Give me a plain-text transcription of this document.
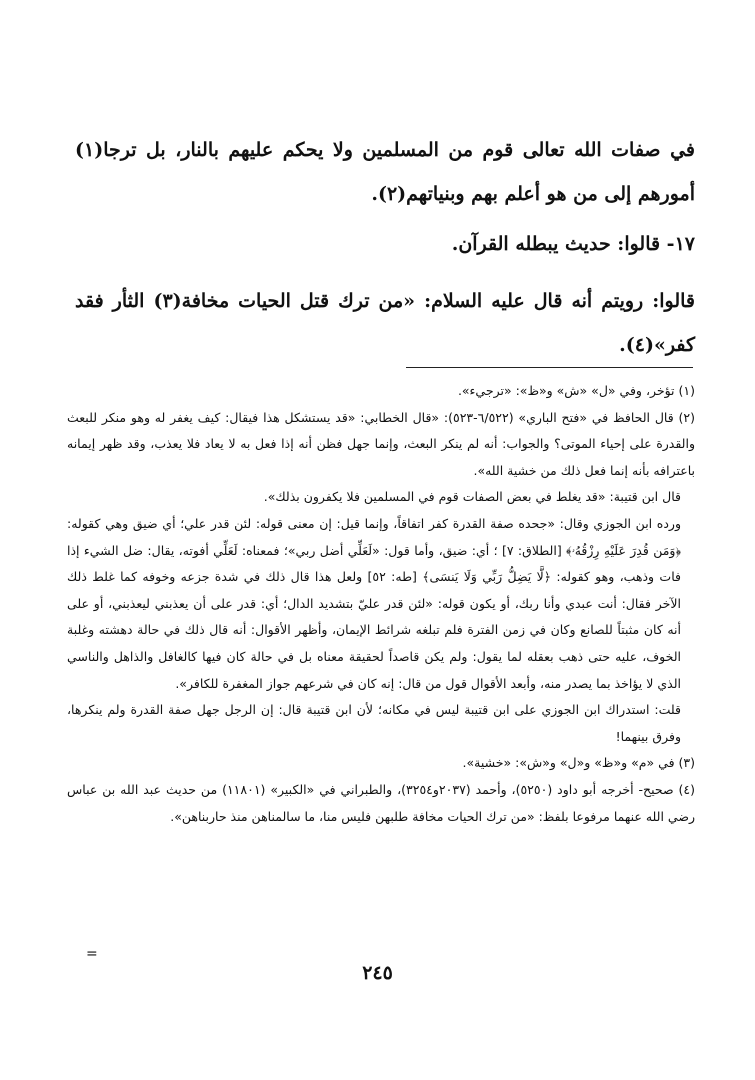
في صفات الله تعالى قوم من المسلمين ولا يحكم عليهم بالنار، بل ترجا(١) أمورهم إلى من هو أعلم بهم وبنياتهم(٢).
١٧- قالوا: حديث يبطله القرآن.
قالوا: رويتم أنه قال عليه السلام: «من ترك قتل الحيات مخافة(٣) الثأر فقد كفر»(٤).

(١) تؤخر، وفي «ل» «ش» و«ظ»: «ترجيء».

(٢) قال الحافظ في «فتح الباري» (٦/٥٢٢-٥٢٣): «قال الخطابي: «قد يستشكل هذا فيقال: كيف يغفر له وهو منكر للبعث والقدرة على إحياء الموتى؟ والجواب: أنه لم ينكر البعث، وإنما جهل فظن أنه إذا فعل به لا يعاد فلا يعذب، وقد ظهر إيمانه باعترافه بأنه إنما فعل ذلك من خشية الله».

قال ابن قتيبة: «قد يغلط في بعض الصفات قوم في المسلمين فلا يكفرون بذلك».

ورده ابن الجوزي وقال: «جحده صفة القدرة كفر اتفاقاً، وإنما قيل: إن معنى قوله: لئن قدر علي؛ أي ضيق وهي كقوله: ﴿وَمَن قُدِرَ عَلَيْهِ رِزْقُهُۥ﴾ [الطلاق: ٧] ؛ أي: ضيق، وأما قول: «لَعَلِّي أضل ربي»؛ فمعناه: لَعَلِّي أفوته، يقال: ضل الشيء إذا فات وذهب، وهو كقوله: ﴿لَّا يَضِلُّ رَبِّي وَلَا يَنسَى﴾ [طه: ٥٢] ولعل هذا قال ذلك في شدة جزعه وخوفه كما غلط ذلك الآخر فقال: أنت عبدي وأنا ربك، أو يكون قوله: «لئن قدر عليّ بتشديد الدال؛ أي: قدر على أن يعذبني ليعذبني، أو على أنه كان مثبتاً للصانع وكان في زمن الفترة فلم تبلغه شرائط الإيمان، وأظهر الأقوال: أنه قال ذلك في حالة دهشته وغلبة الخوف، عليه حتى ذهب بعقله لما يقول: ولم يكن قاصداً لحقيقة معناه بل في حالة كان فيها كالغافل والذاهل والناسي الذي لا يؤاخذ بما يصدر منه، وأبعد الأقوال قول من قال: إنه كان في شرعهم جواز المغفرة للكافر».

قلت: استدراك ابن الجوزي على ابن قتيبة ليس في مكانه؛ لأن ابن قتيبة قال: إن الرجل جهل صفة القدرة ولم ينكرها، وفرق بينهما!

(٣) في «م» و«ظ» و«ل» و«ش»: «خشية».

(٤) صحيح- أخرجه أبو داود (٥٢٥٠)، وأحمد (٢٠٣٧و٣٢٥٤)، والطبراني في «الكبير» (١١٨٠١) من حديث عبد الله بن عباس رضي الله عنهما مرفوعا بلفظ: «من ترك الحيات مخافة طلبهن فليس منا، ما سالمناهن منذ حاربناهن».

=
٢٤٥
